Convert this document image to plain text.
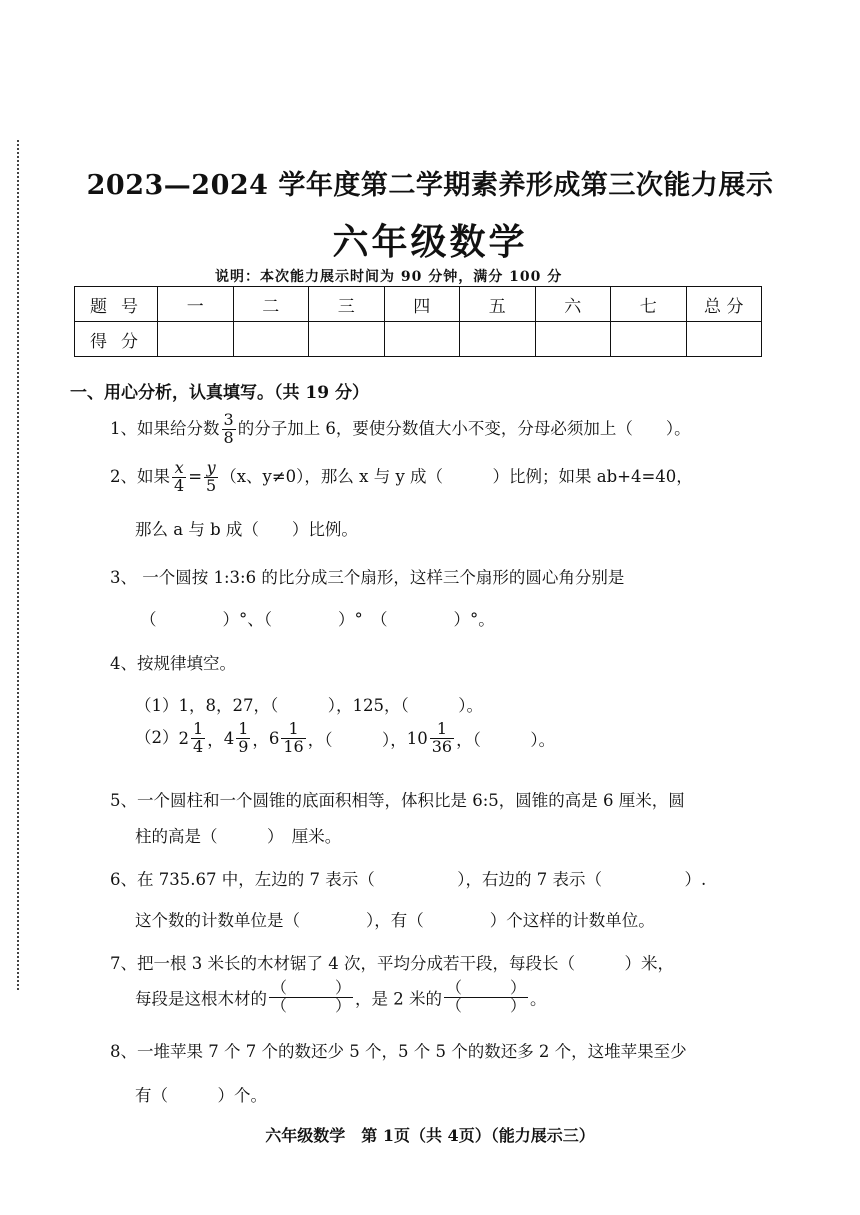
2023—2024 学年度第二学期素养形成第三次能力展示
六年级数学
说明：本次能力展示时间为 90 分钟，满分 100 分
题号	一	二	三	四	五	六	七	总 分
得分								
一、用心分析，认真填写。（共 19 分）
1、如果给分数 $\frac{3}{8}$ 的分子加上 6，要使分数值大小不变，分母必须加上（　　）。
2、如果 $\frac{x}{4} = \frac{y}{5} (x$、y≠0），那么 x 与 y 成（　　　）比例；如果 ab+4=40，
那么 a 与 b 成（　　）比例。
3、 一个圆按 1:3:6 的比分成三个扇形，这样三个扇形的圆心角分别是
（　　　　）°、（　　　　）°　（　　　　）°。
4、按规律填空。
（1）1，8，27，（　　　），125，（　　　）。
$(2)2 \frac{1}{4}$ ，$4 \frac{1}{9}$ ，$6 \frac{1}{16}$ ，（　　　），$10 \frac{1}{36}$ ，（　　　）。
5、一个圆柱和一个圆锥的底面积相等，体积比是 6:5，圆锥的高是 6 厘米，圆
柱的高是（　　　）　厘米。
6、在 735.67 中，左边的 7 表示（　　　　　），右边的 7 表示（　　　　　）.
这个数的计数单位是（　　　　），有（　　　　）个这样的计数单位。
7、把一根 3 米长的木材锯了 4 次，平均分成若干段，每段长（　　　）米，
每段是这根木材的 $\frac{( )}{( )}$ ，是 2 米的 $\frac{( )}{( )}$ 。
8、一堆苹果 7 个 7 个的数还少 5 个，5 个 5 个的数还多 2 个，这堆苹果至少
有（　　　）个。
六年级数学　第 1页（共 4页）（能力展示三）
